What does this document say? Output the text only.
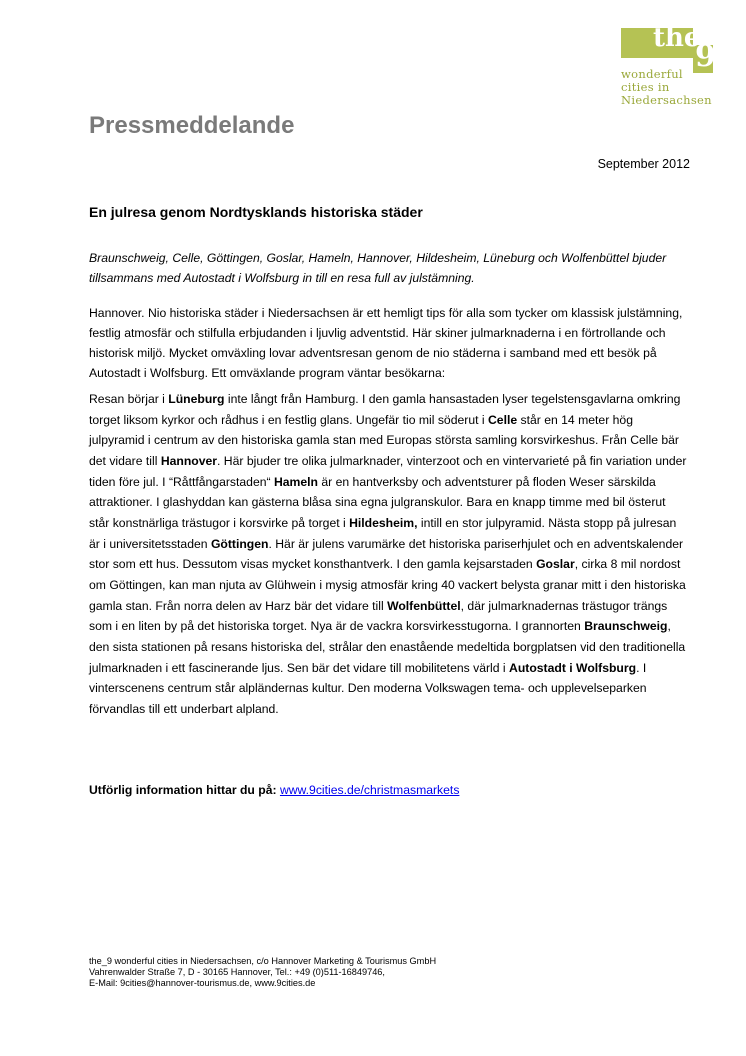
the
9
wonderful
cities in
Niedersachsen
Pressmeddelande
September 2012
En julresa genom Nordtysklands historiska städer

Braunschweig, Celle, Göttingen, Goslar, Hameln, Hannover, Hildesheim, Lüneburg och Wolfenbüttel bjuder tillsammans med Autostadt i Wolfsburg in till en resa full av julstämning.

Hannover. Nio historiska städer i Niedersachsen är ett hemligt tips för alla som tycker om klassisk julstämning, festlig atmosfär och stilfulla erbjudanden i ljuvlig adventstid. Här skiner julmarknaderna i en förtrollande och historisk miljö. Mycket omväxling lovar adventsresan genom de nio städerna i samband med ett besök på Autostadt i Wolfsburg. Ett omväxlande program väntar besökarna:

Resan börjar i Lüneburg inte långt från Hamburg. I den gamla hansastaden lyser tegelstensgavlarna omkring torget liksom kyrkor och rådhus i en festlig glans. Ungefär tio mil söderut i Celle står en 14 meter hög julpyramid i centrum av den historiska gamla stan med Europas största samling korsvirkeshus. Från Celle bär det vidare till Hannover. Här bjuder tre olika julmarknader, vinterzoot och en vintervarieté på fin variation under tiden före jul. I “Råttfångarstaden“ Hameln är en hantverksby och adventsturer på floden Weser särskilda attraktioner. I glashyddan kan gästerna blåsa sina egna julgranskulor. Bara en knapp timme med bil österut står konstnärliga trästugor i korsvirke på torget i Hildesheim, intill en stor julpyramid. Nästa stopp på julresan är i universitetsstaden Göttingen. Här är julens varumärke det historiska pariserhjulet och en adventskalender stor som ett hus. Dessutom visas mycket konsthantverk. I den gamla kejsarstaden Goslar, cirka 8 mil nordost om Göttingen, kan man njuta av Glühwein i mysig atmosfär kring 40 vackert belysta granar mitt i den historiska gamla stan. Från norra delen av Harz bär det vidare till Wolfenbüttel, där julmarknadernas trästugor trängs som i en liten by på det historiska torget. Nya är de vackra korsvirkesstugorna. I grannorten Braunschweig, den sista stationen på resans historiska del, strålar den enastående medeltida borgplatsen vid den traditionella julmarknaden i ett fascinerande ljus. Sen bär det vidare till mobilitetens värld i Autostadt i Wolfsburg. I vinterscenens centrum står alpländernas kultur. Den moderna Volkswagen tema- och upplevelseparken förvandlas till ett underbart alpland.

Utförlig information hittar du på: www.9cities.de/christmasmarkets
the_9 wonderful cities in Niedersachsen, c/o Hannover Marketing & Tourismus GmbH
Vahrenwalder Straße 7, D - 30165 Hannover, Tel.: +49 (0)511-16849746,
E-Mail: 9cities@hannover-tourismus.de, www.9cities.de
